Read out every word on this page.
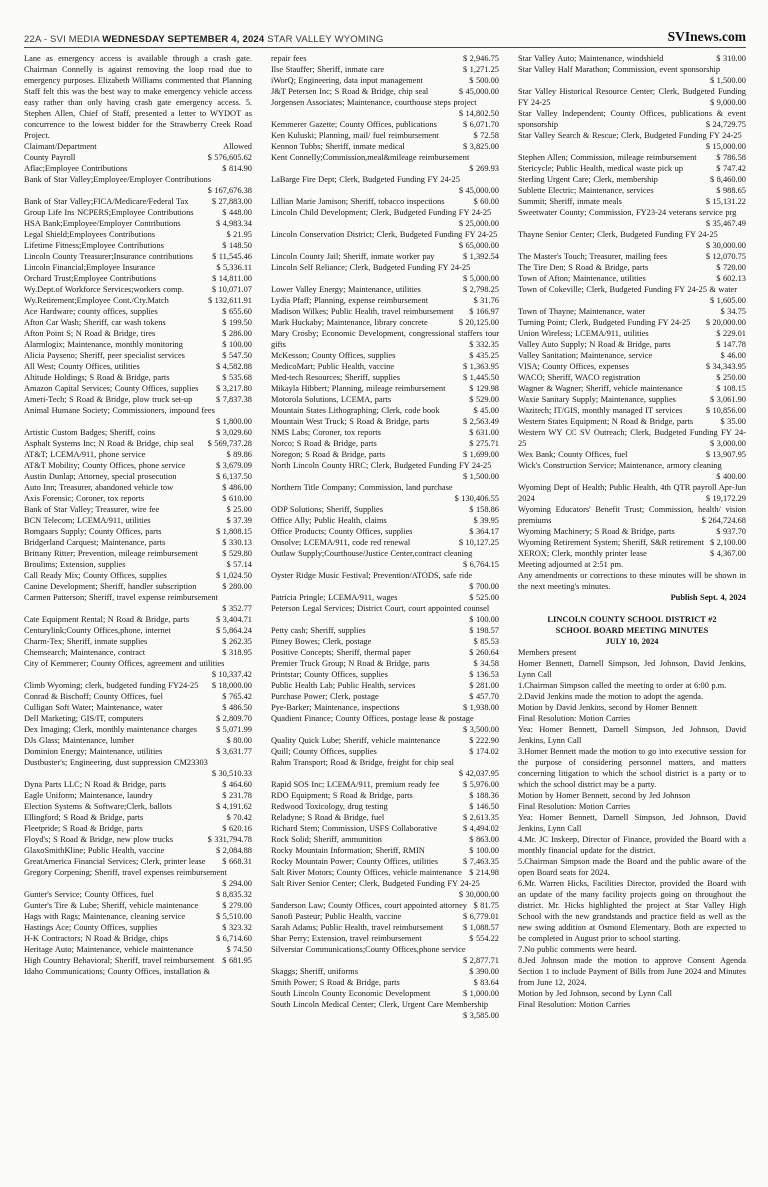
22A - SVI MEDIA WEDNESDAY SEPTEMBER 4, 2024 STAR VALLEY WYOMING	SVInews.com

Lane as emergency access is available through a crash gate. Chairman Connelly is against removing the loop road due to emergency purposes. Elizabeth Williams commented that Planning Staff felt this was the best way to make emergency vehicle access easy rather than only having crash gate emergency access. 5. Stephen Allen, Chief of Staff, presented a letter to WYDOT as concurrence to the lowest bidder for the Strawberry Creek Road Project.

Claimant/Department	Allowed

County Payroll	$ 576,605.62

Aflac;Employee Contributions	$ 814.90

Bank of Star Valley;Employee/Employer Contributions
$ 167,676.38

Bank of Star Valley;FICA/Medicare/Federal Tax	$ 27,883.00

Group Life Ins NCPERS;Employee Contributions	$ 448.00

HSA Bank;Employee/Employer Contributions	$ 4,983.34

Legal Shield;Employees Contributions	$ 21.95

Lifetime Fitness;Employee Contributions	$ 148.50

Lincoln County Treasurer;Insurance contributions	$ 11,545.46

Lincoln Financial;Employee Insurance	$ 5,336.11

Orchard Trust;Employee Contributions	$ 14,811.00

Wy.Dept.of Workforce Services;workers comp.	$ 10,071.07

Wy.Retirement;Employee Cont./Cty.Match	$ 132,611.91

Ace Hardware; county offices, supplies	$ 655.60

Afton Car Wash; Sheriff, car wash tokens	$ 199.50

Afton Point S; N Road & Bridge, tires	$ 286.00

Alarmlogix; Maintenance, monthly monitoring	$ 100.00

Alicia Payseno; Sheriff, peer specialist services	$ 547.50

All West; County Offices, utilities	$ 4,582.88

Altitude Holdings; S Road & Bridge, parts	$ 535.68

Amazon Capital Services; County Offices, supplies	$ 3,217.80

Ameri-Tech; S Road & Bridge, plow truck set-up	$ 7,837.38

Animal Humane Society; Commissioners, impound fees
$ 1,800.00

Artistic Custom Badges; Sheriff, coins	$ 3,029.60

Asphalt Systems Inc; N Road & Bridge, chip seal	$ 569,737.28

AT&T; LCEMA/911, phone service	$ 89.86

AT&T Mobility; County Offices, phone service	$ 3,679.09

Austin Dunlap; Attorney, special prosecution	$ 6,137.50

Auto Inn; Treasurer, abandoned vehicle tow	$ 486.00

Axis Forensic; Coroner, tox reports	$ 610.00

Bank of Star Valley; Treasurer, wire fee	$ 25.00

BCN Telecom; LCEMA/911, utilities	$ 37.39

Bomgaars Supply; County Offices, parts	$ 1,808.15

Bridgerland Carquest; Maintenance, parts	$ 330.13

Brittany Ritter; Prevention, mileage reimbursement	$ 529.80

Broulims; Extension, supplies	$ 57.14

Call Ready Mix; County Offices, supplies	$ 1,024.50

Canine Development; Sheriff, handler subscription	$ 280.00

Carmen Patterson; Sheriff, travel expense reimbursement
$ 352.77

Cate Equipment Rental; N Road & Bridge, parts	$ 3,404.71

Centurylink;County Offices,phone, internet	$ 5,864.24

Charm-Tex; Sheriff, inmate supplies	$ 262.35

Chemsearch; Maintenance, contract	$ 318.95

City of Kemmerer; County Offices, agreement and utilities
$ 10,337.42

Climb Wyoming; clerk, budgeted funding FY24-25	$ 18,000.00

Conrad & Bischoff; County Offices, fuel	$ 765.42

Culligan Soft Water; Maintenance, water	$ 486.50

Dell Marketing; GIS/IT, computers	$ 2,809.70

Dex Imaging; Clerk, monthly maintenance charges	$ 5,071.99

DJs Glass; Maintenance, lumber	$ 80.00

Dominion Energy; Maintenance, utilities	$ 3,631.77

Dustbuster's; Engineering, dust suppression CM23303
$ 30,510.33

Dyna Parts LLC; N Road & Bridge, parts	$ 464.60

Eagle Uniform; Maintenance, laundry	$ 231.78

Election Systems & Software;Clerk, ballots	$ 4,191.62

Ellingford; S Road & Bridge, parts	$ 70.42

Fleetpride; S Road & Bridge, parts	$ 620.16

Floyd's; S Road & Bridge, new plow trucks	$ 331,794.78

GlaxoSmithKline; Public Health, vaccine	$ 2,084.88

GreatAmerica Financial Services; Clerk, printer lease	$ 668.31

Gregory Corpening; Sheriff, travel expenses reimbursement
$ 294.00

Gunter's Service; County Offices, fuel	$ 8,835.32

Gunter's Tire & Lube; Sheriff, vehicle maintenance	$ 279.00

Hags with Rags; Maintenance, cleaning service	$ 5,510.00

Hastings Ace; County Offices, supplies	$ 323.32

H-K Contractors; N Road & Bridge, chips	$ 6,714.60

Heritage Auto; Maintenance, vehicle maintenance	$ 74.50

High Country Behavioral; Sheriff, travel reimbursement $ 681.95

Idaho Communications; County Offices, installation &

repair fees	$ 2,946.75

Ilse Stauffer; Sheriff, inmate care	$ 1,271.25

iWorQ; Engineering, data input management	$ 500.00

J&T Petersen Inc; S Road & Bridge, chip seal	$ 45,000.00

Jorgensen Associates; Maintenance, courthouse steps project
$ 14,802.50

Kemmerer Gazette; County Offices, publications	$ 6,071.70

Ken Kuluski; Planning, mail/ fuel reimbursement	$ 72.58

Kennon Tubbs; Sheriff, inmate medical	$ 3,825.00

Kent Connelly;Commission,meal&mileage reimbursement
$ 269.93

LaBarge Fire Dept; Clerk, Budgeted Funding FY 24-25
$ 45,000.00

Lillian Marie Jamison; Sheriff, tobacco inspections	$ 60.00

Lincoln Child Development; Clerk, Budgeted Funding FY 24-25
$ 25,000.00

Lincoln Conservation District; Clerk, Budgeted Funding FY 24-25
$ 65,000.00

Lincoln County Jail; Sheriff, inmate worker pay	$ 1,392.54

Lincoln Self Reliance; Clerk, Budgeted Funding FY 24-25
$ 5,000.00

Lower Valley Energy; Maintenance, utilities	$ 2,798.25

Lydia Pfaff; Planning, expense reimbursement	$ 31.76

Madison Wilkes; Public Health, travel reimbursement	$ 166.97

Mark Huckaby; Maintenance, library concrete	$ 20,125.00

Mary Crosby; Economic Development, congressional staffers tour gifts	$ 332.35

McKesson; County Offices, supplies	$ 435.25

MedicoMart; Public Health, vaccine	$ 1,363.95

Med-tech Resources; Sheriff, supplies	$ 1,445.50

Mikayla Hibbert; Planning, mileage reimbursement	$ 129.98

Motorola Solutions, LCEMA, parts	$ 529.00

Mountain States Lithographing; Clerk, code book	$ 45.00

Mountain West Truck; S Road & Bridge, parts	$ 2,563.49

NMS Labs; Coroner, tox reports	$ 631.00

Norco; S Road & Bridge, parts	$ 275.71

Noregon; S Road & Bridge, parts	$ 1,699.00

North Lincoln County HRC; Clerk, Budgeted Funding FY 24-25
$ 1,500.00

Northern Title Company; Commission, land purchase
$ 130,406.55

ODP Solutions; Sheriff, Supplies	$ 158.86

Office Ally; Public Health, claims	$ 39.95

Office Products; County Offices, supplies	$ 364.17

Onsolve; LCEMA/911, code red renewal	$ 10,127.25

Outlaw Supply;Courthouse/Justice Center,contract cleaning
$ 6,764.15

Oyster Ridge Music Festival; Prevention/ATODS, safe ride
$ 700.00

Patricia Pringle; LCEMA/911, wages	$ 525.00

Peterson Legal Services; District Court, court appointed counsel
$ 100.00

Petty cash; Sheriff, supplies	$ 198.57

Pitney Bowes; Clerk, postage	$ 85.53

Positive Concepts; Sheriff, thermal paper	$ 260.64

Premier Truck Group; N Road & Bridge, parts	$ 34.58

Printstar; County Offices, supplies	$ 136.53

Public Health Lab; Public Health, services	$ 281.00

Purchase Power; Clerk, postage	$ 457.70

Pye-Barker; Maintenance, inspections	$ 1,938.00

Quadient Finance; County Offices, postage lease & postage
$ 3,500.00

Quality Quick Lube; Sheriff, vehicle maintenance	$ 222.90

Quill; County Offices, supplies	$ 174.02

Rahm Transport; Road & Bridge, freight for chip seal
$ 42,037.95

Rapid SOS Inc; LCEMA/911, premium ready fee	$ 5,976.00

RDO Equipment; S Road & Bridge, parts	$ 188.36

Redwood Toxicology, drug testing	$ 146.50

Reladyne; S Road & Bridge, fuel	$ 2,613.35

Richard Stem; Commission, USFS Collaborative	$ 4,494.02

Rock Solid; Sheriff, ammunition	$ 863.00

Rocky Mountain Information; Sheriff, RMIN	$ 100.00

Rocky Mountain Power; County Offices, utilities	$ 7,463.35

Salt River Motors; County Offices, vehicle maintenance $ 214.98

Salt River Senior Center; Clerk, Budgeted Funding FY 24-25
$ 30,000.00

Sanderson Law; County Offices, court appointed attorney $ 81.75

Sanofi Pasteur; Public Health, vaccine	$ 6,779.01

Sarah Adams; Public Health, travel reimbursement	$ 1,088.57

Shar Perry; Extension, travel reimbursement	$ 554.22

Silverstar Communications;County Offices,phone service
$ 2,877.71

Skaggs; Sheriff, uniforms	$ 390.00

Smith Power; S Road & Bridge, parts	$ 83.64

South Lincoln County Economic Development	$ 1,000.00

South Lincoln Medical Center; Clerk, Urgent Care Membership
$ 3,585.00

Star Valley Auto; Maintenance, windshield	$ 310.00

Star Valley Half Marathon; Commission, event sponsorship
$ 1,500.00

Star Valley Historical Resource Center; Clerk, Budgeted Funding FY 24-25	$ 9,000.00

Star Valley Independent; County Offices, publications & event sponsorship	$ 24,729.75

Star Valley Search & Rescue; Clerk, Budgeted Funding FY 24-25
$ 15,000.00

Stephen Allen; Commission, mileage reimbursement	$ 786.58

Stericycle; Public Health, medical waste pick up	$ 747.42

Sterling Urgent Care; Clerk, membership	$ 8,460.00

Sublette Electric; Maintenance, services	$ 988.65

Summit; Sheriff, inmate meals	$ 15,131.22

Sweetwater County; Commission, FY23-24 veterans service prg
$ 35,467.49

Thayne Senior Center; Clerk, Budgeted Funding FY 24-25
$ 30,000.00

The Master's Touch; Treasurer, mailing fees	$ 12,070.75

The Tire Den; S Road & Bridge, parts	$ 720.00

Town of Afton; Maintenance, utilities	$ 602.13

Town of Cokeville; Clerk, Budgeted Funding FY 24-25 & water
$ 1,605.00

Town of Thayne; Maintenance, water	$ 34.75

Turning Point; Clerk, Budgeted Funding FY 24-25	$ 20,000.00

Union Wireless; LCEMA/911, utilities	$ 229.01

Valley Auto Supply; N Road & Bridge, parts	$ 147.78

Valley Sanitation; Maintenance, service	$ 46.00

VISA; County Offices, expenses	$ 34,343.95

WACO; Sheriff, WACO registration	$ 250.00

Wagner & Wagner; Sheriff, vehicle maintenance	$ 108.15

Waxie Sanitary Supply; Maintenance, supplies	$ 3,061.90

Wazitech; IT/GIS, monthly managed IT services	$ 10,856.00

Western States Equipment; N Road & Bridge, parts	$ 35.00

Western WY CC SV Outreach; Clerk, Budgeted Funding FY 24-25	$ 3,000.00

Wex Bank; County Offices, fuel	$ 13,907.95

Wick's Construction Service; Maintenance, armory cleaning
$ 400.00

Wyoming Dept of Health; Public Health, 4th QTR payroll Apr-Jun 2024	$ 19,172.29

Wyoming Educators' Benefit Trust; Commission, health/ vision premiums	$ 264,724.68

Wyoming Machinery; S Road & Bridge, parts	$ 937.70

Wyoming Retirement System; Sheriff, S&R retirement $ 2,100.00

XEROX; Clerk, monthly printer lease	$ 4,367.00

Meeting adjourned at 2:51 pm.

Any amendments or corrections to these minutes will be shown in the next meeting's minutes.

Publish Sept. 4, 2024

LINCOLN COUNTY SCHOOL DISTRICT #2

SCHOOL BOARD MEETING MINUTES

JULY 10, 2024

Members present

Homer Bennett, Darnell Simpson, Jed Johnson, David Jenkins, Lynn Call

1.Chairman Simpson called the meeting to order at 6:00 p.m.

2.David Jenkins made the motion to adopt the agenda.

Motion by David Jenkins, second by Homer Bennett

Final Resolution: Motion Carries

Yea: Homer Bennett, Darnell Simpson, Jed Johnson, David Jenkins, Lynn Call

3.Homer Bennett made the motion to go into executive session for the purpose of considering personnel matters, and matters concerning litigation to which the school district is a party or to which the school district may be a party.

Motion by Homer Bennett, second by Jed Johnson

Final Resolution: Motion Carries

Yea: Homer Bennett, Darnell Simpson, Jed Johnson, David Jenkins, Lynn Call

4.Mr. JC Inskeep, Director of Finance, provided the Board with a monthly financial update for the district.

5.Chairman Simpson made the Board and the public aware of the open Board seats for 2024.

6.Mr. Warren Hicks, Facilities Director, provided the Board with an update of the many facility projects going on throughout the district. Mr. Hicks highlighted the project at Star Valley High School with the new grandstands and practice field as well as the new swing addition at Osmond Elementary. Both are expected to be completed in August prior to school starting.

7.No public comments were heard.

8.Jed Johnson made the motion to approve Consent Agenda Section 1 to include Payment of Bills from June 2024 and Minutes from June 12, 2024.

Motion by Jed Johnson, second by Lynn Call

Final Resolution: Motion Carries
